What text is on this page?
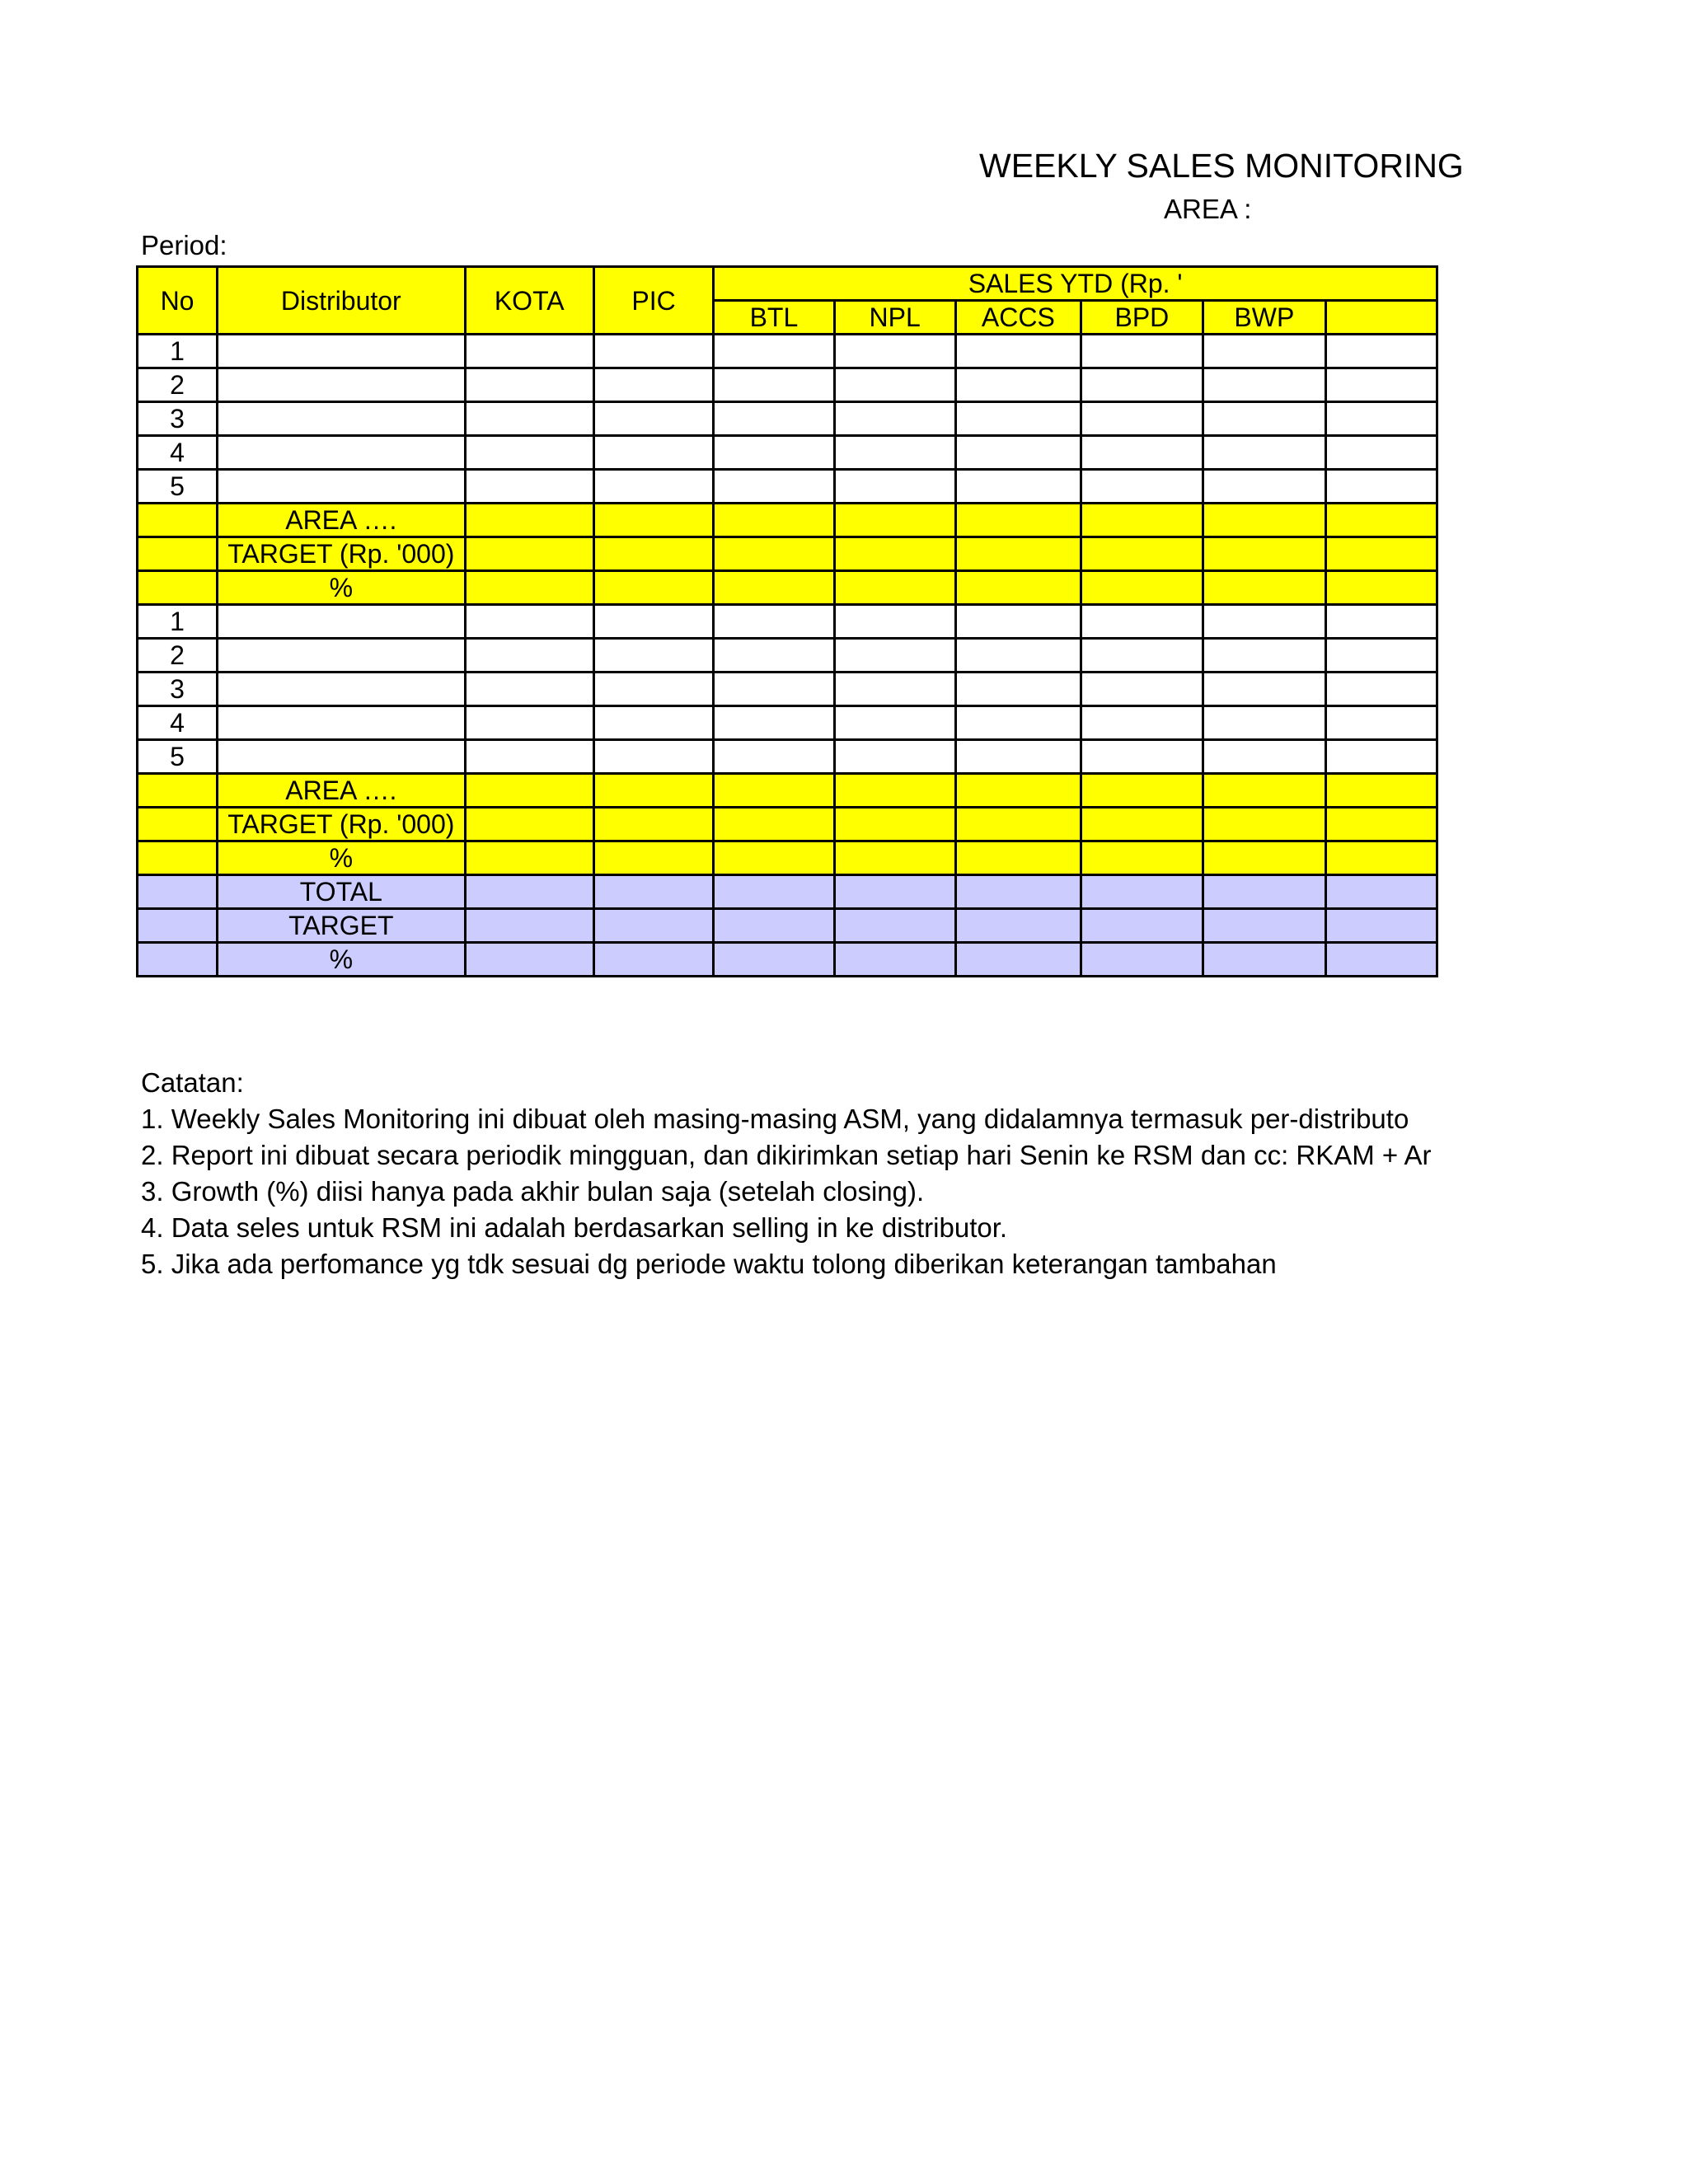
WEEKLY SALES MONITORING
AREA :
Period:
No	Distributor	KOTA	PIC	SALES YTD (Rp. '					
				BTL	NPL	ACCS	BPD	BWP	
1									
2									
3									
4									
5									
	AREA ….								
	TARGET (Rp. '000)								
	%								
1									
2									
3									
4									
5									
	AREA ….								
	TARGET (Rp. '000)								
	%								
	TOTAL								
	TARGET								
	%								
Catatan:
1. Weekly Sales Monitoring ini dibuat oleh masing-masing ASM, yang didalamnya termasuk per-distributo
2. Report ini dibuat secara periodik mingguan, dan dikirimkan setiap hari Senin ke RSM dan cc: RKAM + Ar
3. Growth (%) diisi hanya pada akhir bulan saja (setelah closing).
4. Data seles untuk RSM ini adalah berdasarkan selling in ke distributor.
5. Jika ada perfomance yg tdk sesuai dg periode waktu tolong diberikan keterangan tambahan
